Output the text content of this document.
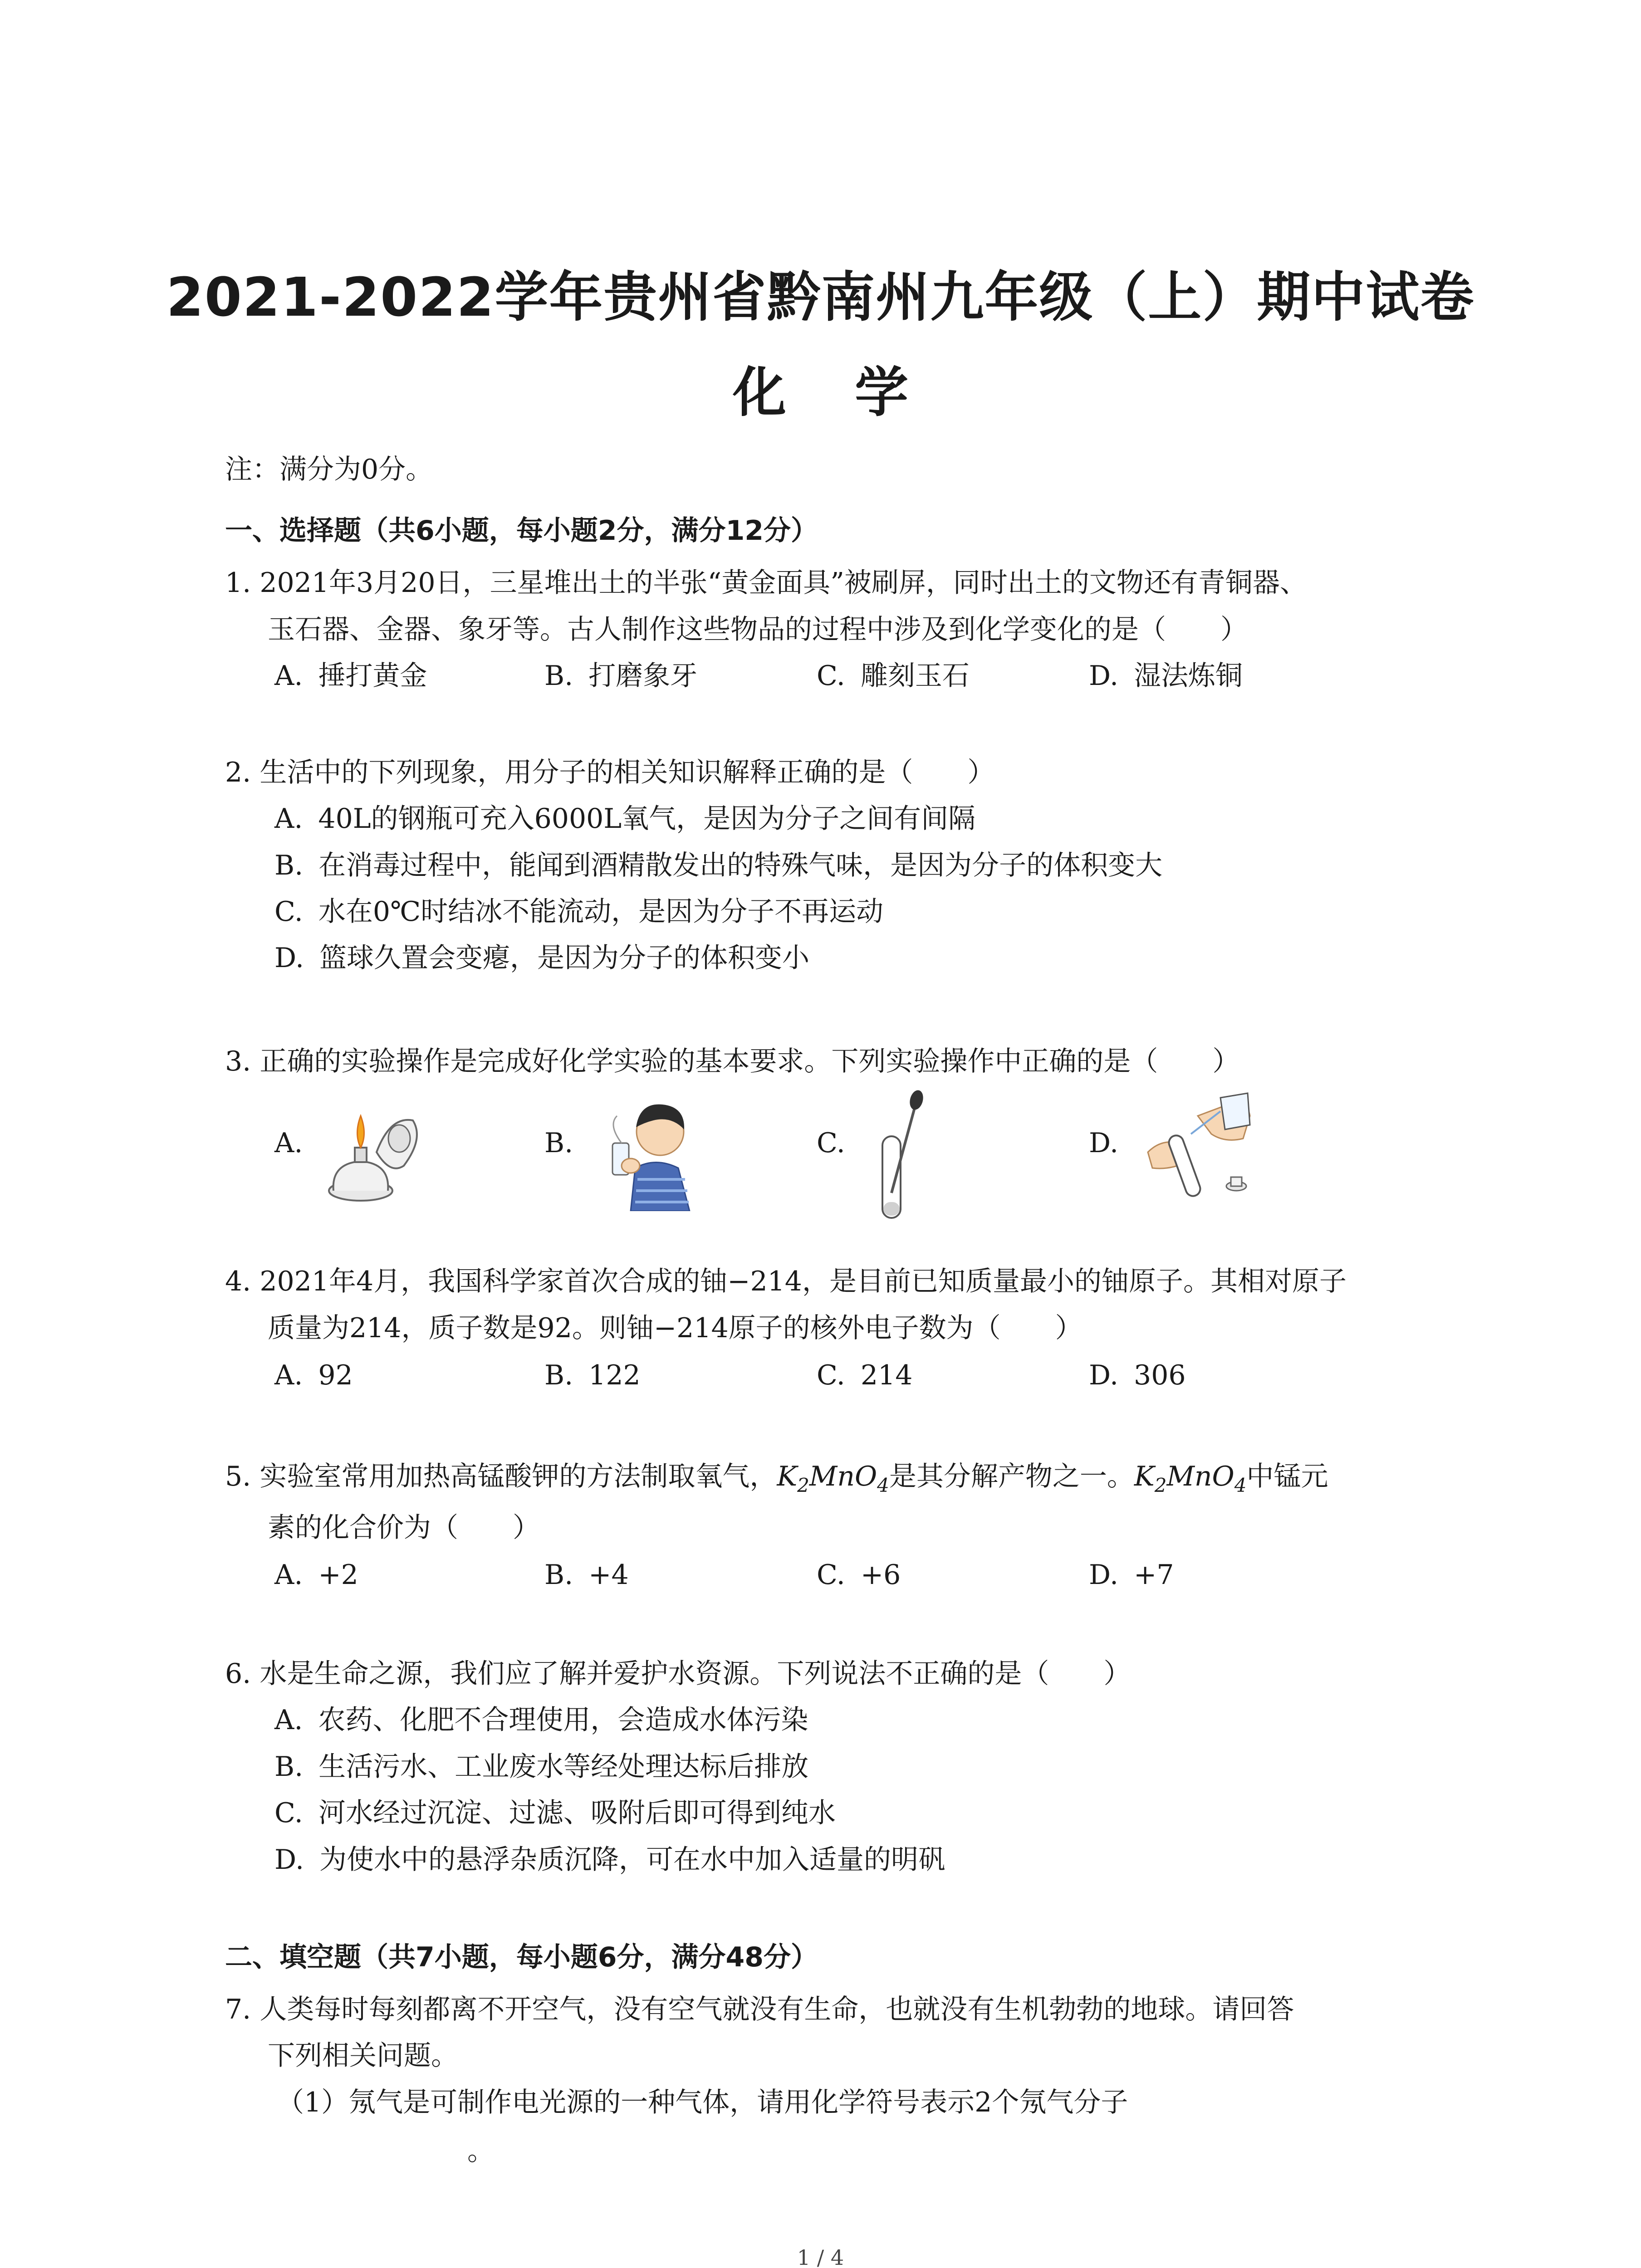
2021-2022学年贵州省黔南州九年级（上）期中试卷
化 学
注：满分为0分。
一、选择题（共6小题，每小题2分，满分12分）
1. 2021年3月20日，三星堆出土的半张“黄金面具”被刷屏，同时出土的文物还有青铜器、
玉石器、金器、象牙等。古人制作这些物品的过程中涉及到化学变化的是（　　）
A. 捶打黄金	B. 打磨象牙	C. 雕刻玉石	D. 湿法炼铜
2. 生活中的下列现象，用分子的相关知识解释正确的是（　　）
A. 40L的钢瓶可充入6000L氧气，是因为分子之间有间隔
B. 在消毒过程中，能闻到酒精散发出的特殊气味，是因为分子的体积变大
C. 水在0℃时结冰不能流动，是因为分子不再运动
D. 篮球久置会变瘪，是因为分子的体积变小
3. 正确的实验操作是完成好化学实验的基本要求。下列实验操作中正确的是（　　）
A.	B.	C.	D.
4. 2021年4月，我国科学家首次合成的铀−214，是目前已知质量最小的铀原子。其相对原子
质量为214，质子数是92。则铀−214原子的核外电子数为（　　）
A. 92	B. 122	C. 214	D. 306
5. 实验室常用加热高锰酸钾的方法制取氧气，$K_2MnO_4$是其分解产物之一。$K_2MnO_4$中锰元
素的化合价为（　　）
A. +2	B. +4	C. +6	D. +7
6. 水是生命之源，我们应了解并爱护水资源。下列说法不正确的是（　　）
A. 农药、化肥不合理使用，会造成水体污染
B. 生活污水、工业废水等经处理达标后排放
C. 河水经过沉淀、过滤、吸附后即可得到纯水
D. 为使水中的悬浮杂质沉降，可在水中加入适量的明矾
二、填空题（共7小题，每小题6分，满分48分）
7. 人类每时每刻都离不开空气，没有空气就没有生命，也就没有生机勃勃的地球。请回答
下列相关问题。
（1）氖气是可制作电光源的一种气体，请用化学符号表示2个氖气分子
。
1 / 4
